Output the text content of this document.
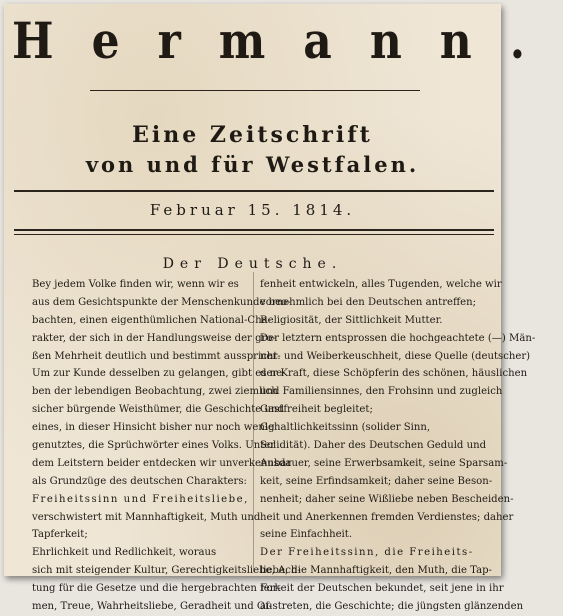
Hermann.
Eine Zeitschrift
von und für Westfalen.
Februar 15. 1814.
Der Deutsche.
Bey jedem Volke finden wir, wenn wir es
aus dem Gesichtspunkte der Menschenkunde beo-
bachten, einen eigenthümlichen National-Cha-
rakter, der sich in der Handlungsweise der gro-
ßen Mehrheit deutlich und bestimmt ausspricht.
Um zur Kunde desselben zu gelangen, gibt es ne-
ben der lebendigen Beobachtung, zwei ziemlich
sicher bürgende Weisthümer, die Geschichte und
eines, in dieser Hinsicht bisher nur noch wenig
genutztes, die Sprüchwörter eines Volks. Unter
dem Leitstern beider entdecken wir unverkennbar
als Grundzüge des deutschen Charakters:
Freiheitssinn und Freiheitsliebe,
verschwistert mit Mannhaftigkeit, Muth und
Tapferkeit;
Ehrlichkeit und Redlichkeit, woraus
sich mit steigender Kultur, Gerechtigkeitsliebe, Ach-
tung für die Gesetze und die hergebrachten For-
men, Treue, Wahrheitsliebe, Geradheit und Of-
fenheit entwickeln, alles Tugenden, welche wir
vornehmlich bei den Deutschen antreffen;
Religiosität, der Sittlichkeit Mutter.
Der letztern entsprossen die hochgeachtete (—) Män-
ner- und Weiberkeuschheit, diese Quelle (deutscher)
der Kraft, diese Schöpferin des schönen, häuslichen
und Familiensinnes, den Frohsinn und zugleich
Gastfreiheit begleitet;
Gehaltlichkeitssinn (solider Sinn,
Solidität). Daher des Deutschen Geduld und
Ausdauer, seine Erwerbsamkeit, seine Sparsam-
keit, seine Erfindsamkeit; daher seine Beson-
nenheit; daher seine Wißliebe neben Bescheiden-
heit und Anerkennen fremden Verdienstes; daher
seine Einfachheit.
Der Freiheitssinn, die Freiheits-
liebe, die Mannhaftigkeit, den Muth, die Tap-
ferkeit der Deutschen bekundet, seit jene in ihr
austreten, die Geschichte; die jüngsten glänzenden
